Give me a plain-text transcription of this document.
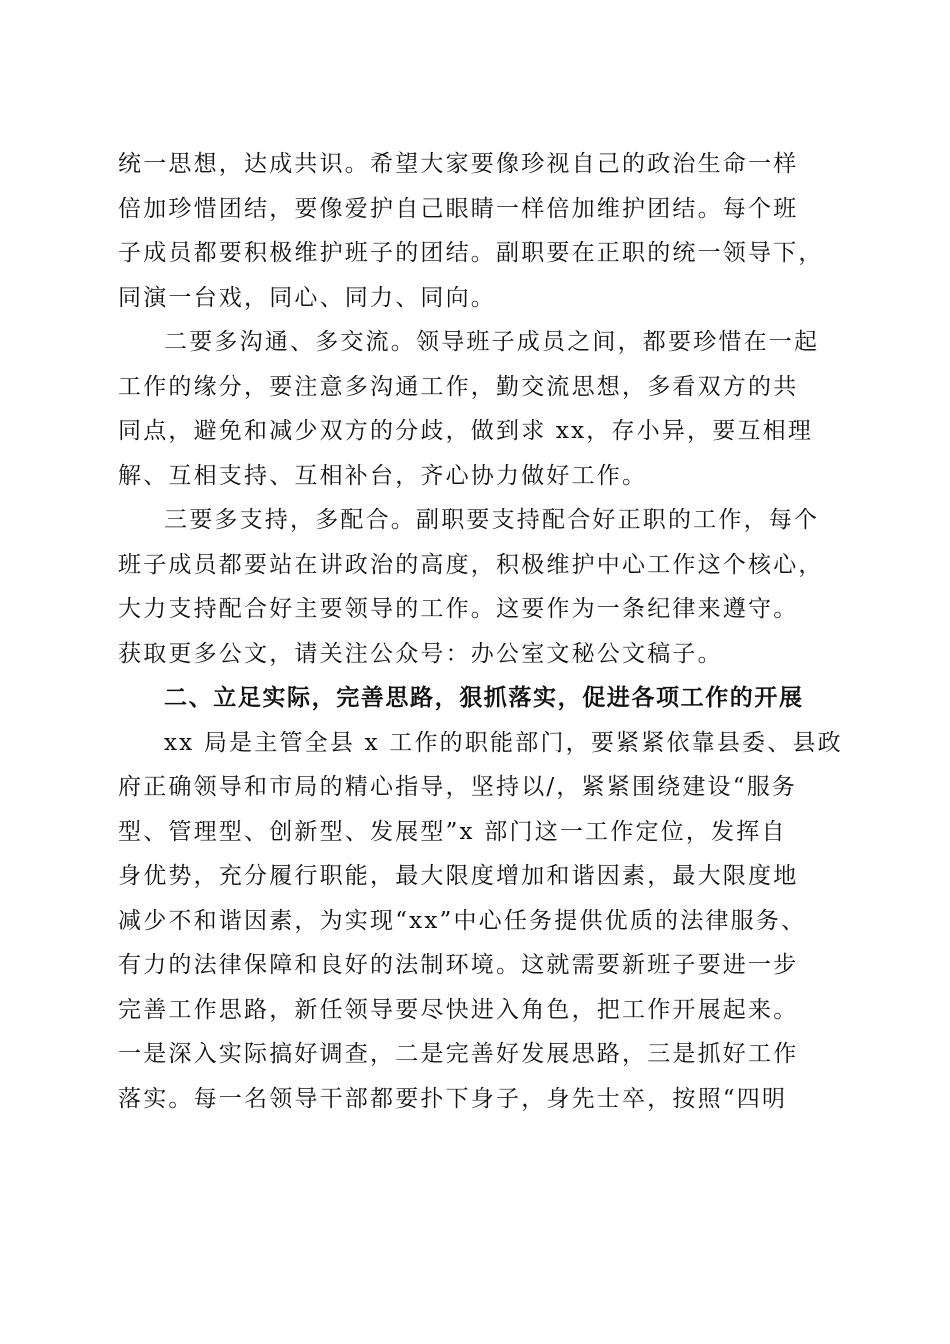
统一思想，达成共识。希望大家要像珍视自己的政治生命一样
倍加珍惜团结，要像爱护自己眼睛一样倍加维护团结。每个班
子成员都要积极维护班子的团结。副职要在正职的统一领导下，
同演一台戏，同心、同力、同向。
二要多沟通、多交流。领导班子成员之间，都要珍惜在一起
工作的缘分，要注意多沟通工作，勤交流思想，多看双方的共
同点，避免和减少双方的分歧，做到求 xx，存小异，要互相理
解、互相支持、互相补台，齐心协力做好工作。
三要多支持，多配合。副职要支持配合好正职的工作，每个
班子成员都要站在讲政治的高度，积极维护中心工作这个核心，
大力支持配合好主要领导的工作。这要作为一条纪律来遵守。
获取更多公文，请关注公众号：办公室文秘公文稿子。
二、立足实际，完善思路，狠抓落实，促进各项工作的开展
xx 局是主管全县 x 工作的职能部门，要紧紧依靠县委、县政
府正确领导和市局的精心指导，坚持以/，紧紧围绕建设“服务
型、管理型、创新型、发展型”x 部门这一工作定位，发挥自
身优势，充分履行职能，最大限度增加和谐因素，最大限度地
减少不和谐因素，为实现“xx”中心任务提供优质的法律服务、
有力的法律保障和良好的法制环境。这就需要新班子要进一步
完善工作思路，新任领导要尽快进入角色，把工作开展起来。
一是深入实际搞好调查，二是完善好发展思路，三是抓好工作
落实。每一名领导干部都要扑下身子，身先士卒，按照“四明
